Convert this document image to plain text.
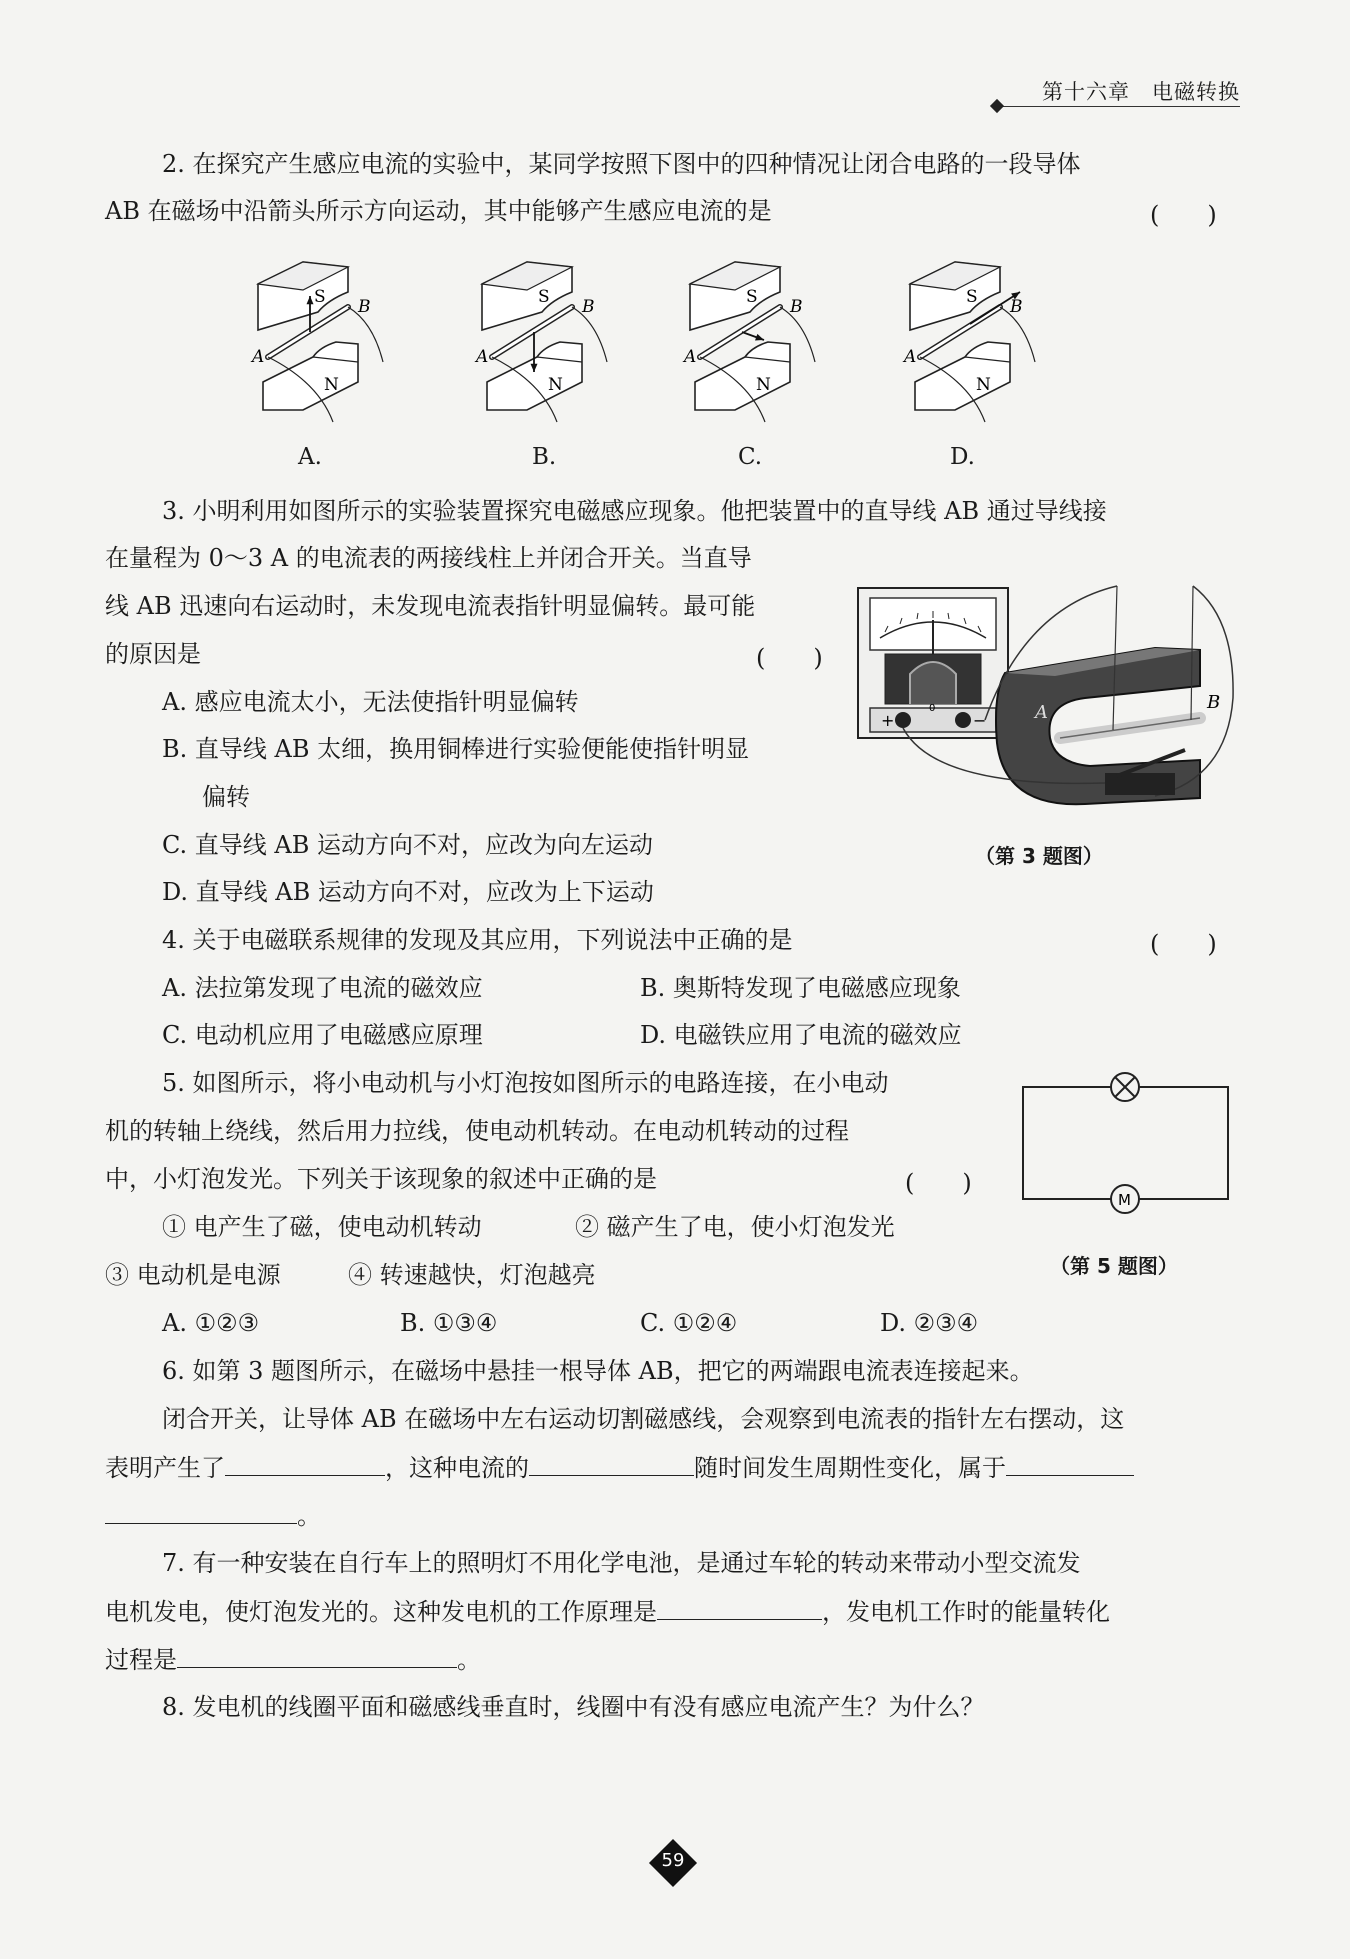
第十六章　电磁转换
2. 在探究产生感应电流的实验中，某同学按照下图中的四种情况让闭合电路的一段导体
AB 在磁场中沿箭头所示方向运动，其中能够产生感应电流的是	(　　)
S
N
A
B	S
N
A
B	S
N
A
B	S
N
A
B
A.	B.	C.	D.
3. 小明利用如图所示的实验装置探究电磁感应现象。他把装置中的直导线 AB 通过导线接
在量程为 0～3 A 的电流表的两接线柱上并闭合开关。当直导
线 AB 迅速向右运动时，未发现电流表指针明显偏转。最可能
的原因是	(　　)
A. 感应电流太小，无法使指针明显偏转
B. 直导线 AB 太细，换用铜棒进行实验便能使指针明显
偏转
C. 直导线 AB 运动方向不对，应改为向左运动
D. 直导线 AB 运动方向不对，应改为上下运动
+	−
0	A	B
（第 3 题图）
4. 关于电磁联系规律的发现及其应用，下列说法中正确的是	(　　)
A. 法拉第发现了电流的磁效应	B. 奥斯特发现了电磁感应现象
C. 电动机应用了电磁感应原理	D. 电磁铁应用了电流的磁效应
5. 如图所示，将小电动机与小灯泡按如图所示的电路连接，在小电动
机的转轴上绕线，然后用力拉线，使电动机转动。在电动机转动的过程
中，小灯泡发光。下列关于该现象的叙述中正确的是	(　　)
① 电产生了磁，使电动机转动	② 磁产生了电，使小灯泡发光
③ 电动机是电源	④ 转速越快，灯泡越亮
A. ①②③	B. ①③④	C. ①②④	D. ②③④
M
（第 5 题图）
6. 如第 3 题图所示，在磁场中悬挂一根导体 AB，把它的两端跟电流表连接起来。
闭合开关，让导体 AB 在磁场中左右运动切割磁感线，会观察到电流表的指针左右摆动，这
表明产生了	，这种电流的	随时间发生周期性变化，属于
。
7. 有一种安装在自行车上的照明灯不用化学电池，是通过车轮的转动来带动小型交流发
电机发电，使灯泡发光的。这种发电机的工作原理是	，发电机工作时的能量转化
过程是	。
8. 发电机的线圈平面和磁感线垂直时，线圈中有没有感应电流产生？为什么？
59
